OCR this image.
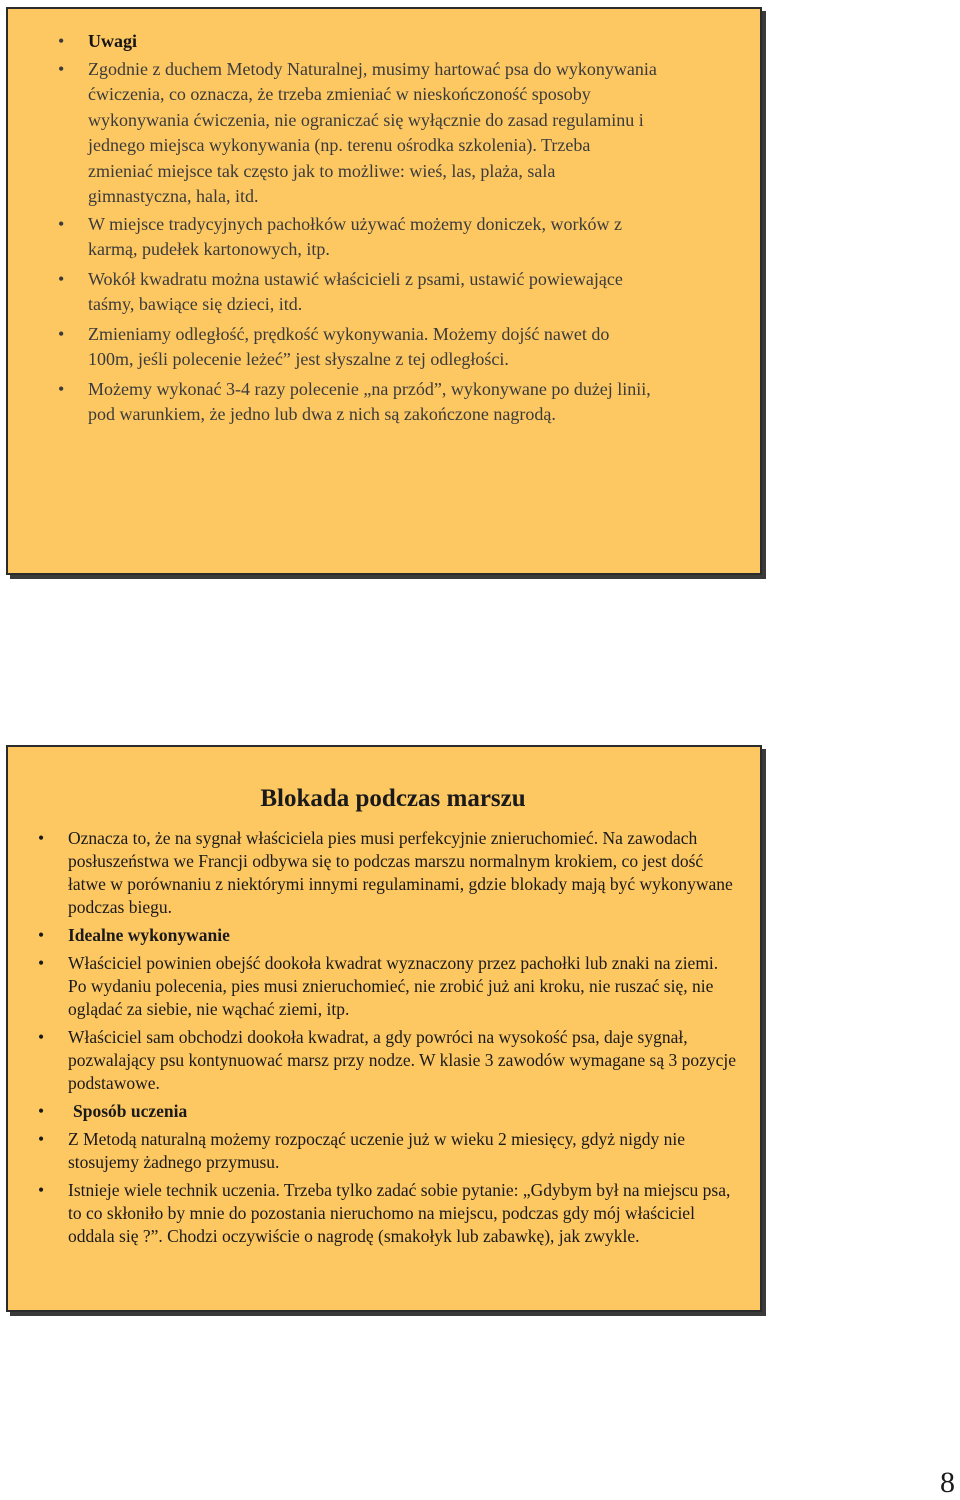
• Uwagi
• Zgodnie z duchem Metody Naturalnej, musimy hartować psa do wykonywania ćwiczenia, co oznacza, że trzeba zmieniać w nieskończoność sposoby wykonywania ćwiczenia, nie ograniczać się wyłącznie do zasad regulaminu i jednego miejsca wykonywania (np. terenu ośrodka szkolenia). Trzeba zmieniać miejsce tak często jak to możliwe: wieś, las, plaża, sala gimnastyczna, hala, itd.
• W miejsce tradycyjnych pachołków używać możemy doniczek, worków z karmą, pudełek kartonowych, itp.
• Wokół kwadratu można ustawić właścicieli z psami, ustawić powiewające taśmy, bawiące się dzieci, itd.
• Zmieniamy odległość, prędkość wykonywania. Możemy dojść nawet do 100m, jeśli polecenie leżeć” jest słyszalne z tej odległości.
• Możemy wykonać 3-4 razy polecenie „na przód”, wykonywane po dużej linii, pod warunkiem, że jedno lub dwa z nich są zakończone nagrodą.
Blokada podczas marszu
• Oznacza to, że na sygnał właściciela pies musi perfekcyjnie znieruchomieć. Na zawodach posłuszeństwa we Francji odbywa się to podczas marszu normalnym krokiem, co jest dość łatwe w porównaniu z niektórymi innymi regulaminami, gdzie blokady mają być wykonywane podczas biegu.
• Idealne wykonywanie
• Właściciel powinien obejść dookoła kwadrat wyznaczony przez pachołki lub znaki na ziemi. Po wydaniu polecenia, pies musi znieruchomieć, nie zrobić już ani kroku, nie ruszać się, nie oglądać za siebie, nie wąchać ziemi, itp.
• Właściciel sam obchodzi dookoła kwadrat, a gdy powróci na wysokość psa, daje sygnał, pozwalający psu kontynuować marsz przy nodze. W klasie 3 zawodów wymagane są 3 pozycje podstawowe.
• Sposób uczenia
• Z Metodą naturalną możemy rozpocząć uczenie już w wieku 2 miesięcy, gdyż nigdy nie stosujemy żadnego przymusu.
• Istnieje wiele technik uczenia. Trzeba tylko zadać sobie pytanie: „Gdybym był na miejscu psa, to co skłoniło by mnie do pozostania nieruchomo na miejscu, podczas gdy mój właściciel oddala się ?”. Chodzi oczywiście o nagrodę (smakołyk lub zabawkę), jak zwykle.
8
